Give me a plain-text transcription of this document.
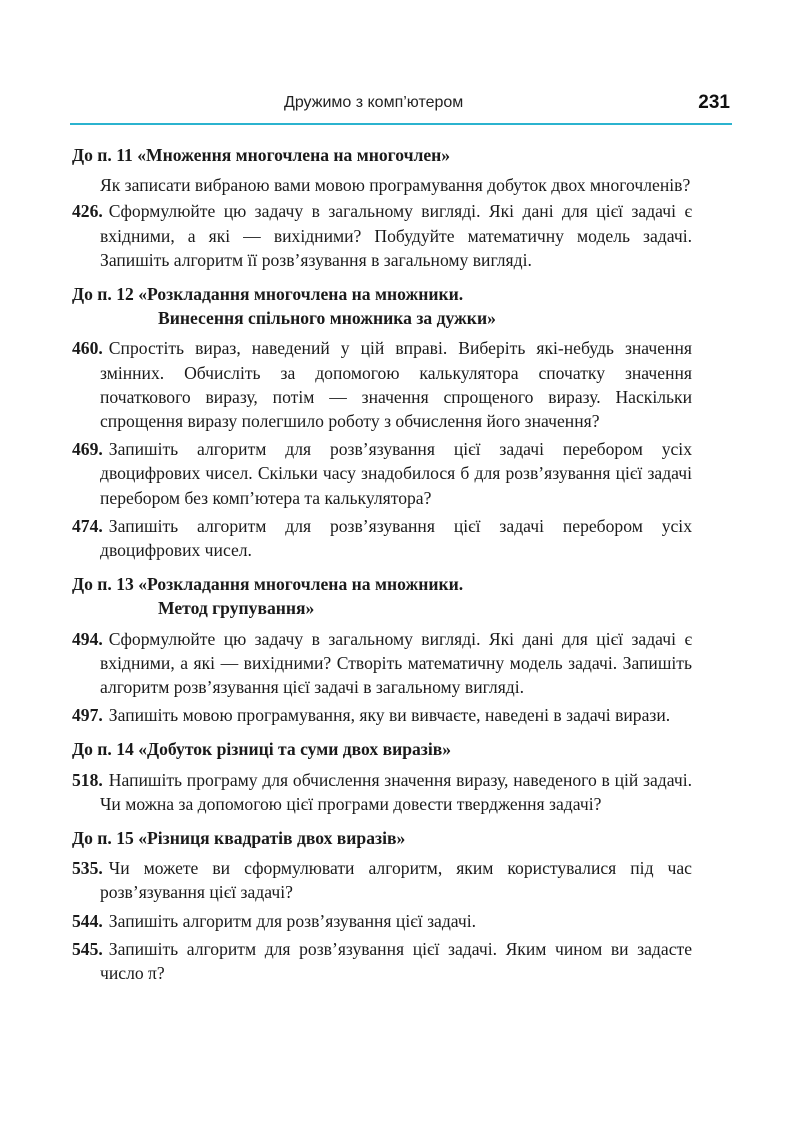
Дружимо з комп’ютером	231
До п. 11 «Множення многочлена на многочлен»

Як записати вибраною вами мовою програмування добуток двох многочленів?

426. Сформулюйте цю задачу в загальному вигляді. Які дані для цієї задачі є вхідними, а які — вихідними? Побудуйте математичну модель задачі. Запишіть алгоритм її розв’язування в загальному вигляді.

До п. 12 «Розкладання многочлена на множники.
Винесення спільного множника за дужки»

460. Спростіть вираз, наведений у цій вправі. Виберіть які-небудь значення змінних. Обчисліть за допомогою калькулятора спочатку значення початкового виразу, потім — значення спрощеного виразу. Наскільки спрощення виразу полегшило роботу з обчислення його значення?

469. Запишіть алгоритм для розв’язування цієї задачі перебором усіх двоцифрових чисел. Скільки часу знадобилося б для розв’язування цієї задачі перебором без комп’ютера та калькулятора?

474. Запишіть алгоритм для розв’язування цієї задачі перебором усіх двоцифрових чисел.

До п. 13 «Розкладання многочлена на множники.
Метод групування»

494. Сформулюйте цю задачу в загальному вигляді. Які дані для цієї задачі є вхідними, а які — вихідними? Створіть математичну модель задачі. Запишіть алгоритм розв’язування цієї задачі в загальному вигляді.

497. Запишіть мовою програмування, яку ви вивчаєте, наведені в задачі вирази.

До п. 14 «Добуток різниці та суми двох виразів»

518. Напишіть програму для обчислення значення виразу, наведеного в цій задачі. Чи можна за допомогою цієї програми довести твердження задачі?

До п. 15 «Різниця квадратів двох виразів»

535. Чи можете ви сформулювати алгоритм, яким користувалися під час розв’язування цієї задачі?

544. Запишіть алгоритм для розв’язування цієї задачі.

545. Запишіть алгоритм для розв’язування цієї задачі. Яким чином ви задасте число π?
